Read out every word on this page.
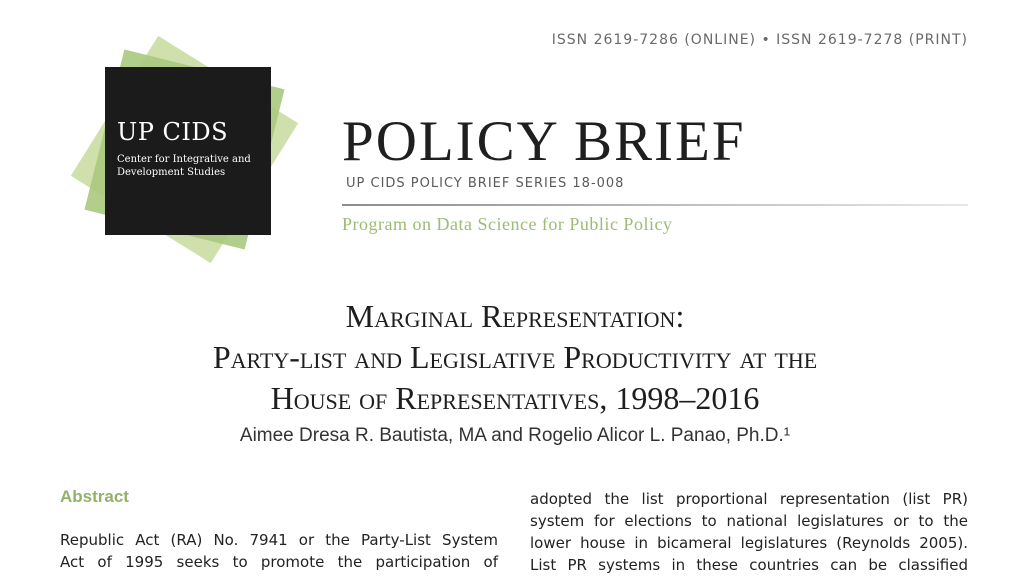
ISSN 2619-7286 (ONLINE) • ISSN 2619-7278 (PRINT)
UP CIDS
Center for Integrative and
Development Studies	POLICY BRIEF
UP CIDS POLICY BRIEF SERIES 18-008
Program on Data Science for Public Policy
Marginal Representation:
Party-list and Legislative Productivity at the
House of Representatives, 1998–2016
Aimee Dresa R. Bautista, MA and Rogelio Alicor L. Panao, Ph.D.¹
Abstract
Republic Act (RA) No. 7941 or the Party-List System
Act of 1995 seeks to promote the participation of
adopted the list proportional representation (list PR)
system for elections to national legislatures or to the
lower house in bicameral legislatures (Reynolds 2005).
List PR systems in these countries can be classified
